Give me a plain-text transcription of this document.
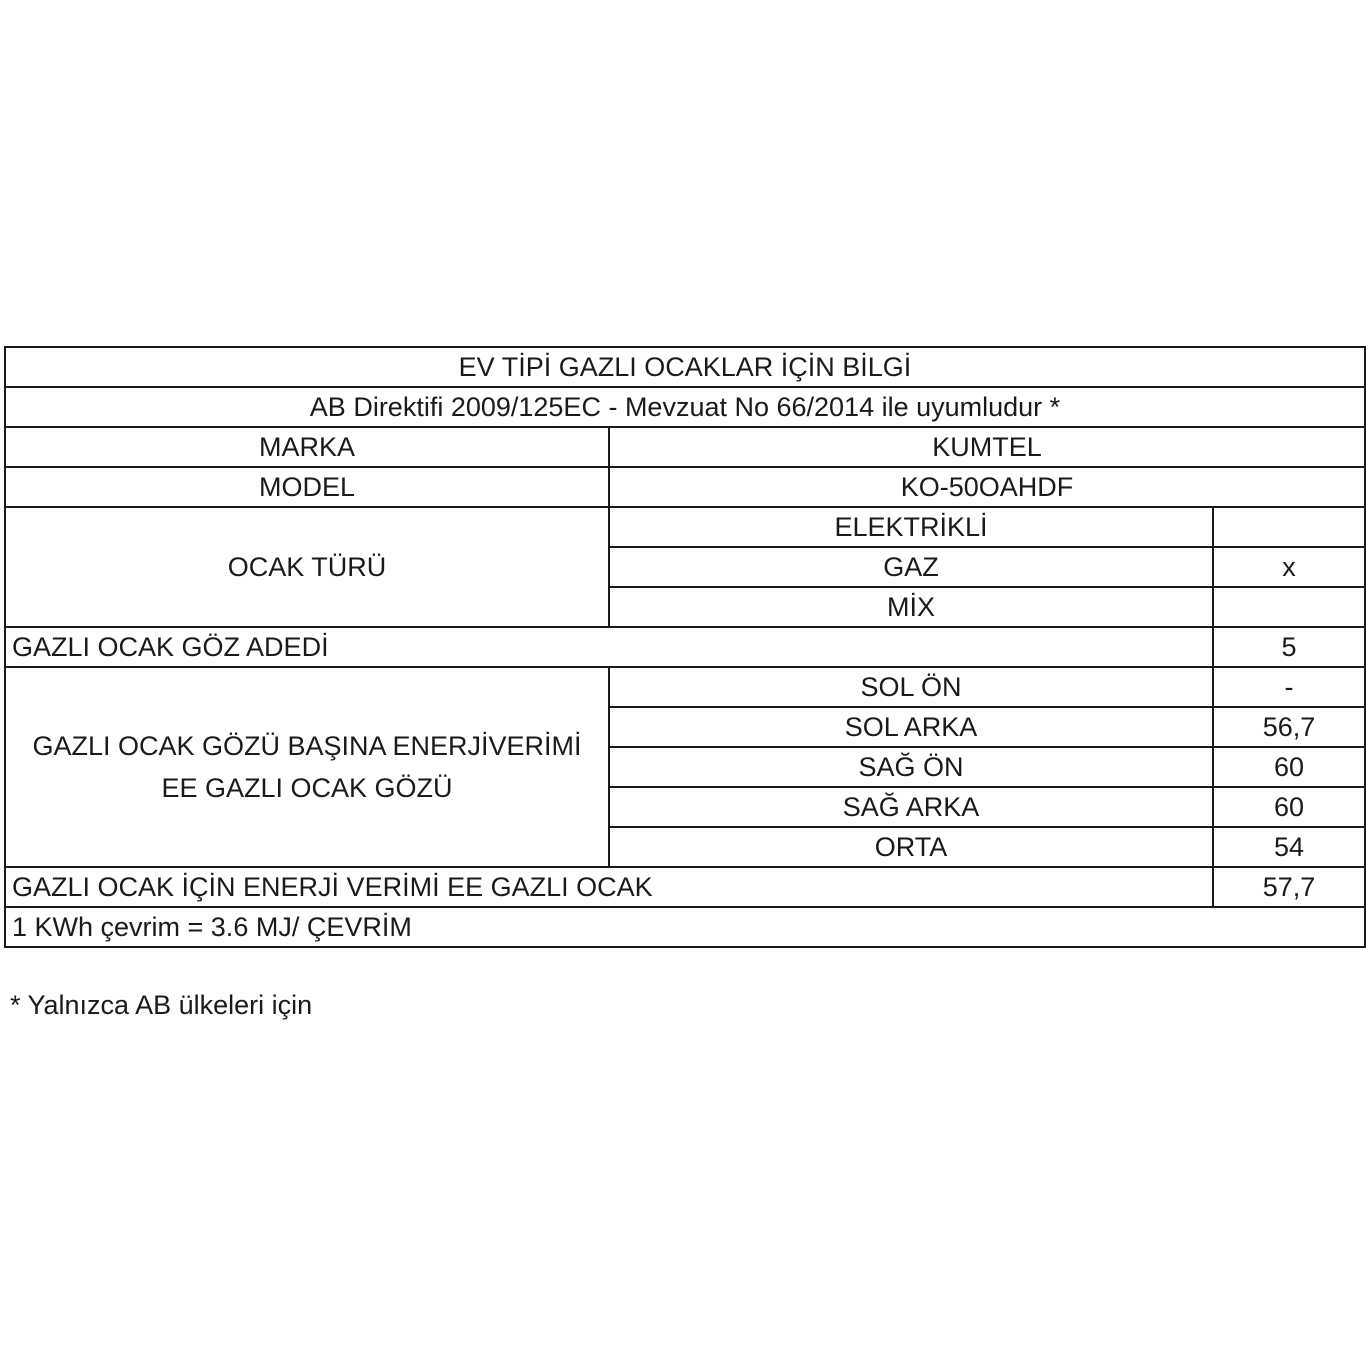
EV TİPİ GAZLI OCAKLAR İÇİN BİLGİ		
AB Direktifi 2009/125EC - Mevzuat No 66/2014 ile uyumludur *		
MARKA	KUMTEL	
MODEL	KO-50OAHDF	
OCAK TÜRÜ	ELEKTRİKLİ	
	GAZ	x
	MİX	
GAZLI OCAK GÖZ ADEDİ		5
GAZLI OCAK GÖZÜ BAŞINA ENERJİVERİMİ EE GAZLI OCAK GÖZÜ	SOL ÖN	-
	SOL ARKA	56,7
	SAĞ ÖN	60
	SAĞ ARKA	60
	ORTA	54
GAZLI OCAK İÇİN ENERJİ VERİMİ EE GAZLI OCAK		57,7
1 KWh çevrim = 3.6 MJ/ ÇEVRİM		
* Yalnızca AB ülkeleri için
